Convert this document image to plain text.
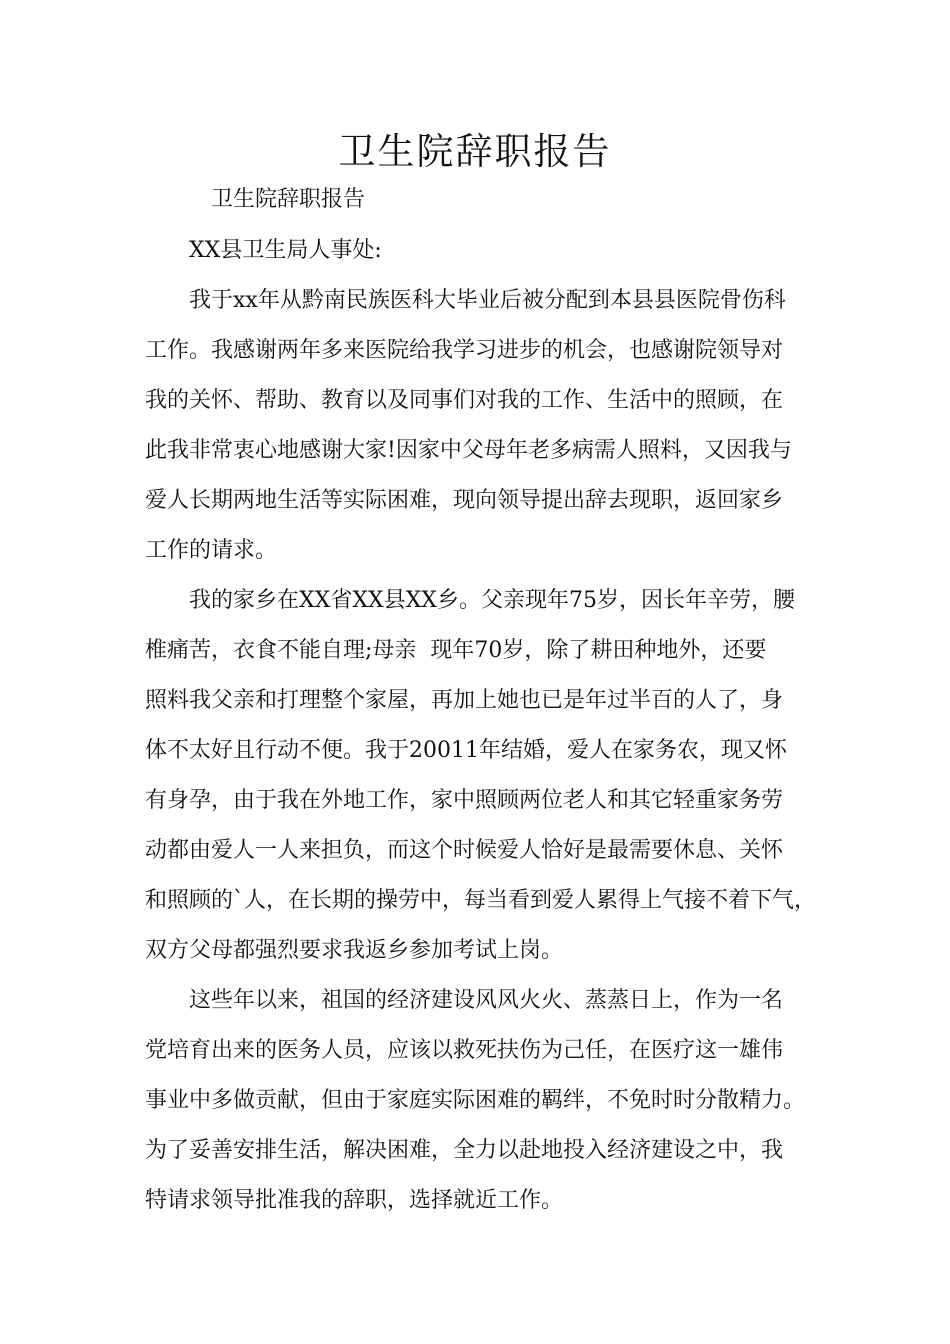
卫生院辞职报告

卫生院辞职报告

XX县卫生局人事处:

我于xx年从黔南民族医科大毕业后被分配到本县县医院骨伤科

工作。我感谢两年多来医院给我学习进步的机会，也感谢院领导对

我的关怀、帮助、教育以及同事们对我的工作、生活中的照顾，在

此我非常衷心地感谢大家!因家中父母年老多病需人照料，又因我与

爱人长期两地生活等实际困难，现向领导提出辞去现职，返回家乡

工作的请求。

我的家乡在XX省XX县XX乡。父亲现年75岁，因长年辛劳，腰

椎痛苦，衣食不能自理;母亲  现年70岁，除了耕田种地外，还要

照料我父亲和打理整个家屋，再加上她也已是年过半百的人了，身

体不太好且行动不便。我于20011年结婚，爱人在家务农，现又怀

有身孕，由于我在外地工作，家中照顾两位老人和其它轻重家务劳

动都由爱人一人来担负，而这个时候爱人恰好是最需要休息、关怀

和照顾的`人，在长期的操劳中，每当看到爱人累得上气接不着下气，

双方父母都强烈要求我返乡参加考试上岗。

这些年以来，祖国的经济建设风风火火、蒸蒸日上，作为一名

党培育出来的医务人员，应该以救死扶伤为己任，在医疗这一雄伟

事业中多做贡献，但由于家庭实际困难的羁绊，不免时时分散精力。

为了妥善安排生活，解决困难，全力以赴地投入经济建设之中，我

特请求领导批准我的辞职，选择就近工作。
